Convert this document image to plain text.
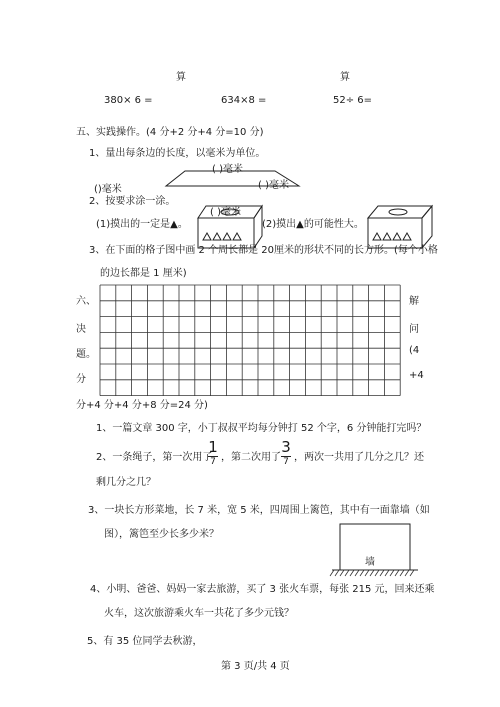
算	算
380× 6 =	634×8 =	52÷ 6=
五、实践操作。(4 分+2 分+4 分=10 分)
1、量出每条边的长度，以毫米为单位。
( )毫米
()毫米	( )毫米
( )毫米
2、按要求涂一涂。
(1)摸出的一定是▲。	(2)摸出▲的可能性大。
3、在下面的格子图中画 2 个周长都是 20厘米的形状不同的长方形。(每个小格
的边长都是 1 厘米)
六、
决
题。
分
解
问
(4
+4
分+4 分+4 分+8 分=24 分)
1、一篇文章 300 字，小丁叔叔平均每分钟打 52 个字，6 分钟能打完吗？
2、一条绳子，第一次用了
1
7 ，第二次用了
3
7 ，两次一共用了几分之几？还
剩几分之几？
3、一块长方形菜地，长 7 米，宽 5 米，四周围上篱笆，其中有一面靠墙（如
图），篱笆至少长多少米？
墙
4、小明、爸爸、妈妈一家去旅游，买了 3 张火车票，每张 215 元，回来还乘
火车，这次旅游乘火车一共花了多少元钱？
5、有 35 位同学去秋游，
第 3 页/共 4 页
